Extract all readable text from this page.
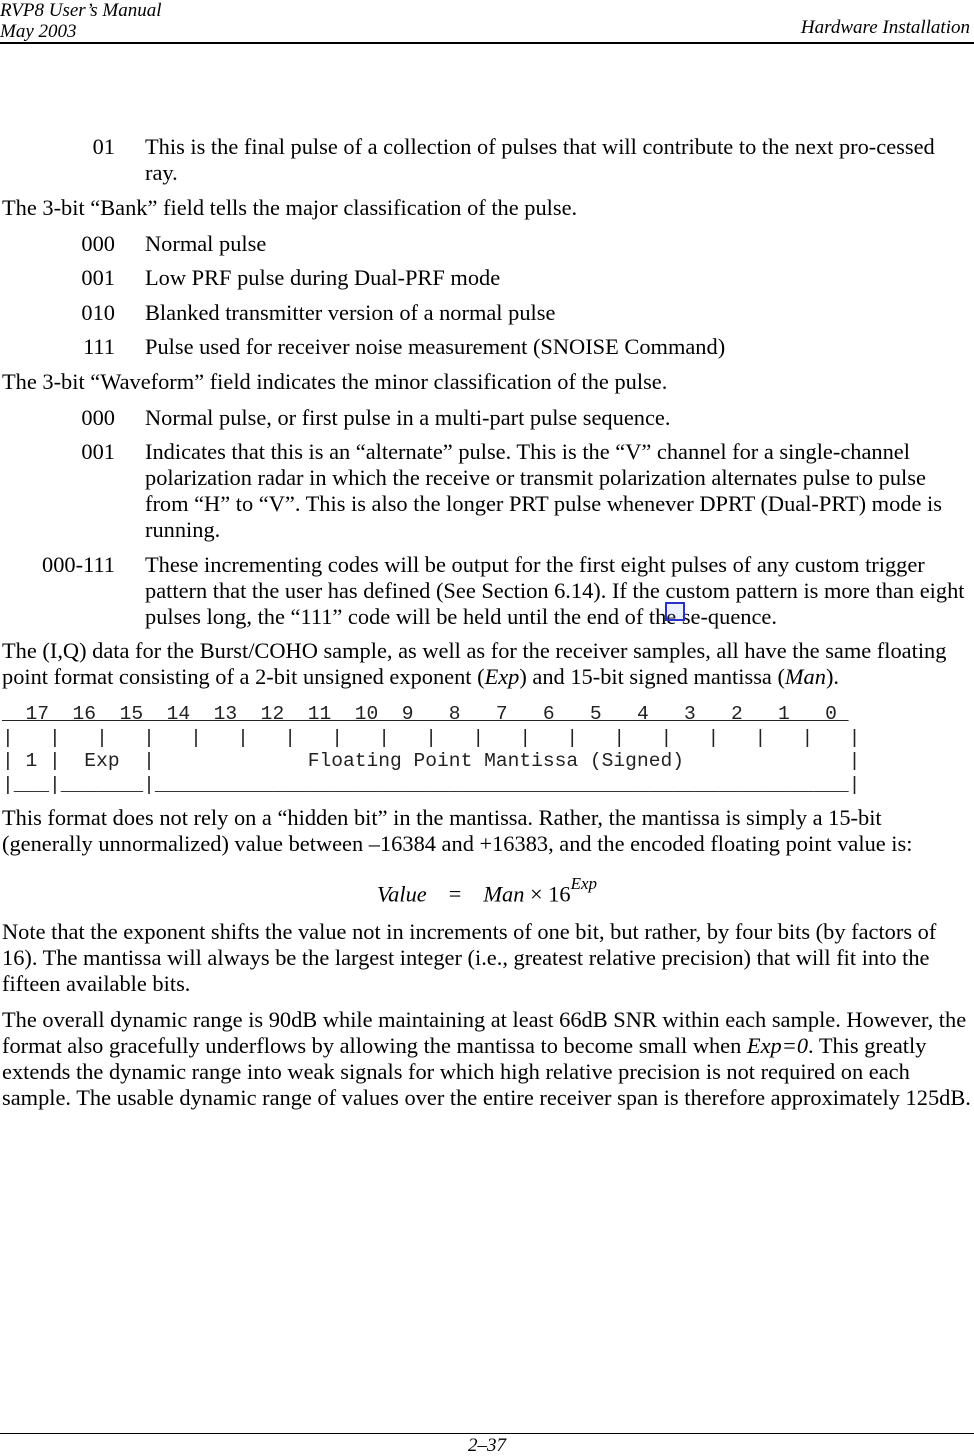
RVP8 User’s Manual
May 2003	Hardware Installation
01 This is the final pulse of a collection of pulses that will contribute to the next pro-cessed ray.

The 3-bit “Bank” field tells the major classification of the pulse.

000 Normal pulse
001 Low PRF pulse during Dual-PRF mode
010 Blanked transmitter version of a normal pulse
111 Pulse used for receiver noise measurement (SNOISE Command)

The 3-bit “Waveform” field indicates the minor classification of the pulse.

000 Normal pulse, or first pulse in a multi-part pulse sequence.
001 Indicates that this is an “alternate” pulse. This is the “V” channel for a single-channel polarization radar in which the receive or transmit polarization alternates pulse to pulse from “H” to “V”. This is also the longer PRT pulse whenever DPRT (Dual-PRT) mode is running.
000-111 These incrementing codes will be output for the first eight pulses of any custom trigger pattern that the user has defined (See Section 6.14). If the custom pattern is more than eight pulses long, the “111” code will be held until the end of the se-quence.

The (I,Q) data for the Burst/COHO sample, as well as for the receiver samples, all have the same floating point format consisting of a 2-bit unsigned exponent (Exp) and 15-bit signed mantissa (Man).

17  16  15  14  13  12  11  10  9   8   7   6   5   4   3   2   1   0
|   |   |   |   |   |   |   |   |   |   |   |   |   |   |   |   |   |   |
| 1 |  Exp  |             Floating Point Mantissa (Signed)              |
|___|_______|___________________________________________________________|

This format does not rely on a “hidden bit” in the mantissa. Rather, the mantissa is simply a 15-bit (generally unnormalized) value between –16384 and +16383, and the encoded floating point value is:

Value = Man × $16^{Exp}$

Note that the exponent shifts the value not in increments of one bit, but rather, by four bits (by factors of 16). The mantissa will always be the largest integer (i.e., greatest relative precision) that will fit into the fifteen available bits.

The overall dynamic range is 90dB while maintaining at least 66dB SNR within each sample. However, the format also gracefully underflows by allowing the mantissa to become small when Exp=0. This greatly extends the dynamic range into weak signals for which high relative precision is not required on each sample. The usable dynamic range of values over the entire receiver span is therefore approximately 125dB.

2–37
